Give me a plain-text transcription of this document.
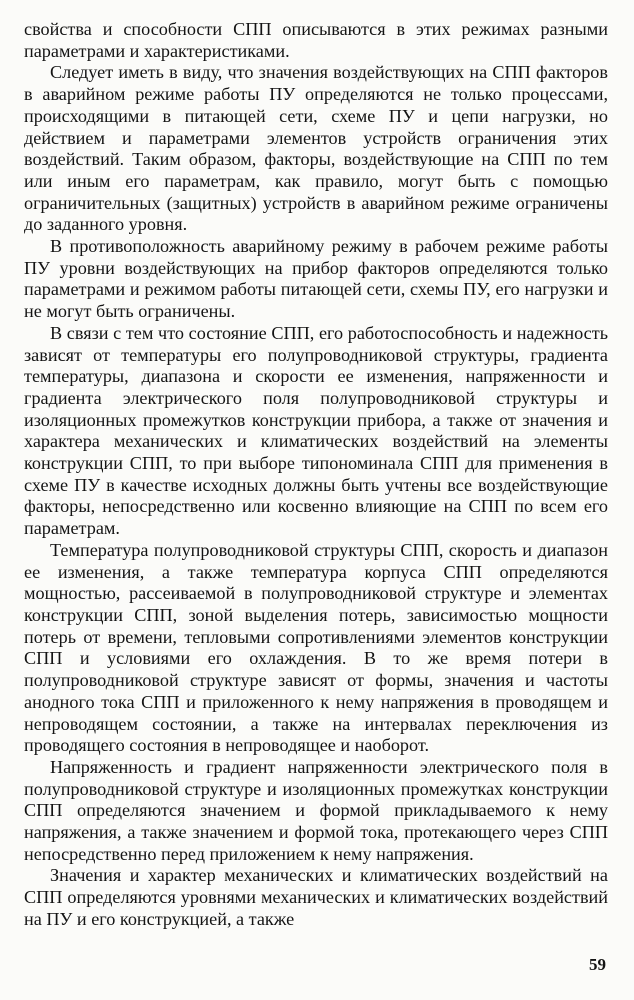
свойства и способности СПП описываются в этих режимах разными параметрами и характеристиками.

Следует иметь в виду, что значения воздействующих на СПП факторов в аварийном режиме работы ПУ определяются не только процессами, происходящими в питающей сети, схеме ПУ и цепи нагрузки, но действием и параметрами элементов устройств ограничения этих воздействий. Таким образом, факторы, воздействующие на СПП по тем или иным его параметрам, как правило, могут быть с помощью ограничительных (защитных) устройств в аварийном режиме ограничены до заданного уровня.

В противоположность аварийному режиму в рабочем режиме работы ПУ уровни воздействующих на прибор факторов определяются только параметрами и режимом работы питающей сети, схемы ПУ, его нагрузки и не могут быть ограничены.

В связи с тем что состояние СПП, его работоспособность и надежность зависят от температуры его полупроводниковой структуры, градиента температуры, диапазона и скорости ее изменения, напряженности и градиента электрического поля полупроводниковой структуры и изоляционных промежутков конструкции прибора, а также от значения и характера механических и климатических воздействий на элементы конструкции СПП, то при выборе типономинала СПП для применения в схеме ПУ в качестве исходных должны быть учтены все воздействующие факторы, непосредственно или косвенно влияющие на СПП по всем его параметрам.

Температура полупроводниковой структуры СПП, скорость и диапазон ее изменения, а также температура корпуса СПП определяются мощностью, рассеиваемой в полупроводниковой структуре и элементах конструкции СПП, зоной выделения потерь, зависимостью мощности потерь от времени, тепловыми сопротивлениями элементов конструкции СПП и условиями его охлаждения. В то же время потери в полупроводниковой структуре зависят от формы, значения и частоты анодного тока СПП и приложенного к нему напряжения в проводящем и непроводящем состоянии, а также на интервалах переключения из проводящего состояния в непроводящее и наоборот.

Напряженность и градиент напряженности электрического поля в полупроводниковой структуре и изоляционных промежутках конструкции СПП определяются значением и формой прикладываемого к нему напряжения, а также значением и формой тока, протекающего через СПП непосредственно перед приложением к нему напряжения.

Значения и характер механических и климатических воздействий на СПП определяются уровнями механических и климатических воздействий на ПУ и его конструкцией, а также

59
